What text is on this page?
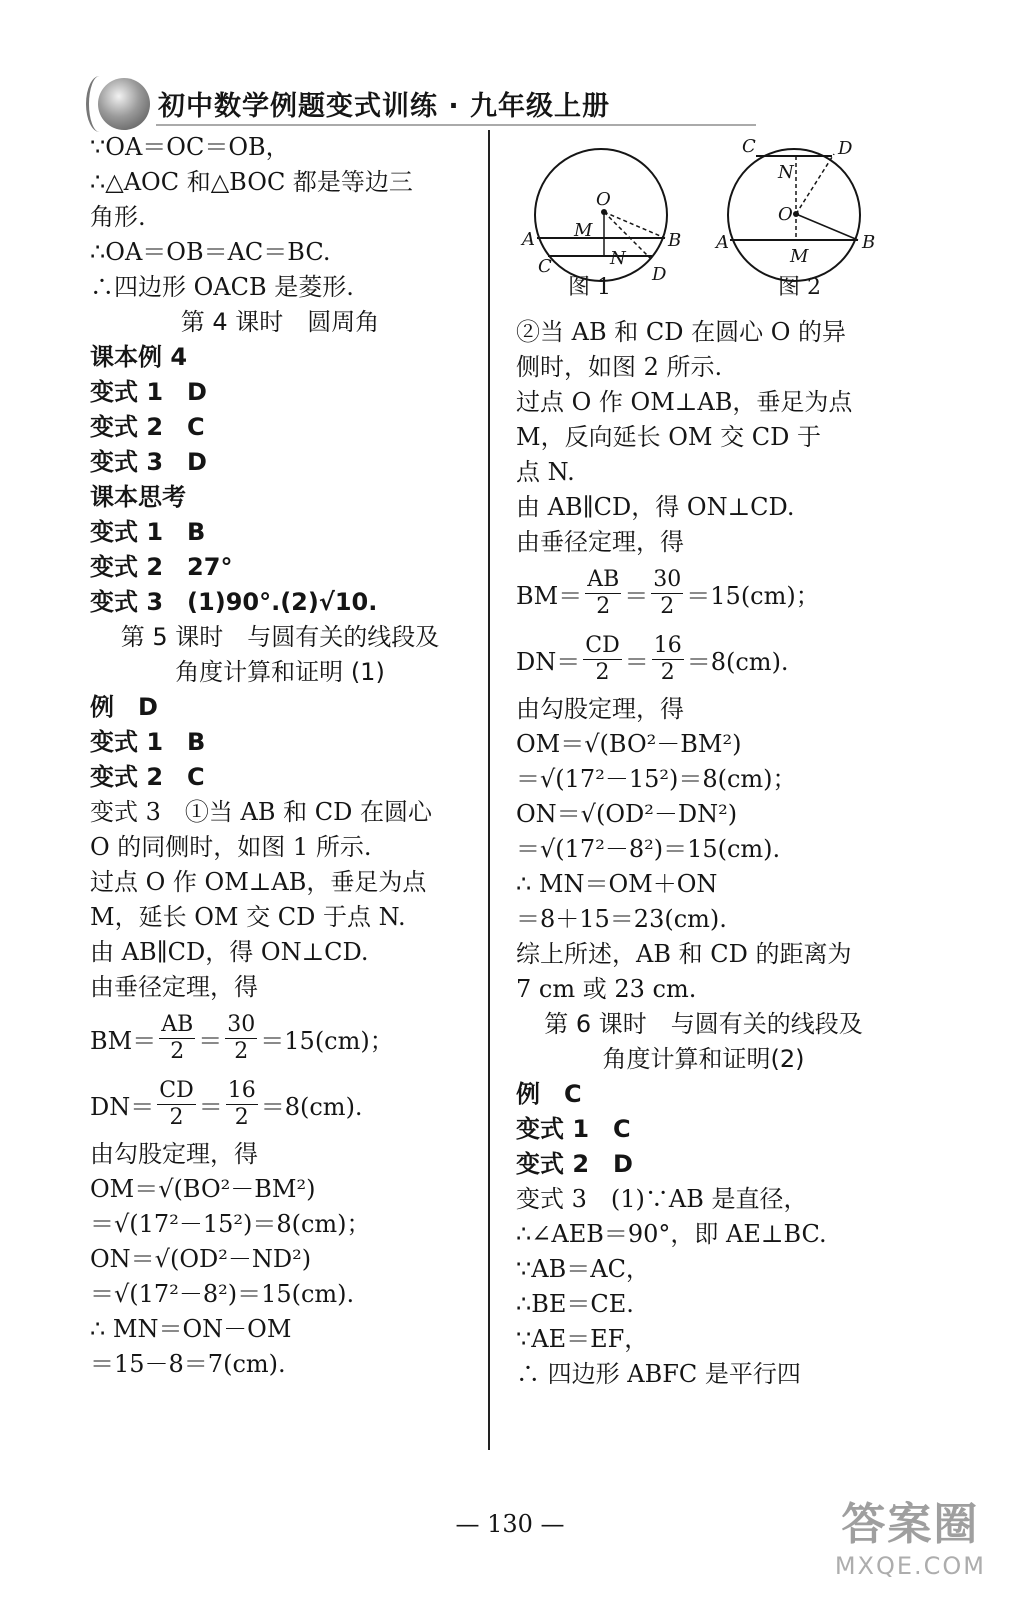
初中数学例题变式训练 · 九年级上册
∵OA＝OC＝OB，
∴△AOC 和△BOC 都是等边三
角形.
∴OA＝OB＝AC＝BC.
∴四边形 OACB 是菱形.
第 4 课时　圆周角
课本例 4
变式 1　D
变式 2　C
变式 3　D
课本思考
变式 1　B
变式 2　27°
变式 3　(1)90°.(2)√10.
第 5 课时　与圆有关的线段及
角度计算和证明 (1)
例　D
变式 1　B
变式 2　C
变式 3　①当 AB 和 CD 在圆心
O 的同侧时，如图 1 所示.
过点 O 作 OM⊥AB，垂足为点
M，延长 OM 交 CD 于点 N.
由 AB∥CD，得 ON⊥CD.
由垂径定理，得
$BM= \frac{AB}{2} = \frac{30}{2} =15(cm)$；
$DN= \frac{CD}{2} = \frac{16}{2} =8(cm)$.
由勾股定理，得
OM＝√(BO²－BM²)
＝√(17²－15²)＝8(cm)；
ON＝√(OD²－ND²)
＝√(17²－8²)＝15(cm).
∴ MN＝ON－OM
＝15－8＝7(cm).
O
M
N
A	B
C	D
O
N
M
A	B
C	D
图 1	图 2
②当 AB 和 CD 在圆心 O 的异
侧时，如图 2 所示.
过点 O 作 OM⊥AB，垂足为点
M，反向延长 OM 交 CD 于
点 N.
由 AB∥CD，得 ON⊥CD.
由垂径定理，得
$BM= \frac{AB}{2} = \frac{30}{2} =15(cm)$；
$DN= \frac{CD}{2} = \frac{16}{2} =8(cm)$.
由勾股定理，得
OM＝√(BO²－BM²)
＝√(17²－15²)＝8(cm)；
ON＝√(OD²－DN²)
＝√(17²－8²)＝15(cm).
∴ MN＝OM＋ON
＝8＋15＝23(cm).
综上所述，AB 和 CD 的距离为
7 cm 或 23 cm.
第 6 课时　与圆有关的线段及
角度计算和证明(2)
例　C
变式 1　C
变式 2　D
变式 3　(1)∵AB 是直径，
∴∠AEB＝90°，即 AE⊥BC.
∵AB＝AC，
∴BE＝CE.
∵AE＝EF，
∴ 四边形 ABFC 是平行四
— 130 —	答案圈
MXQE.COM
